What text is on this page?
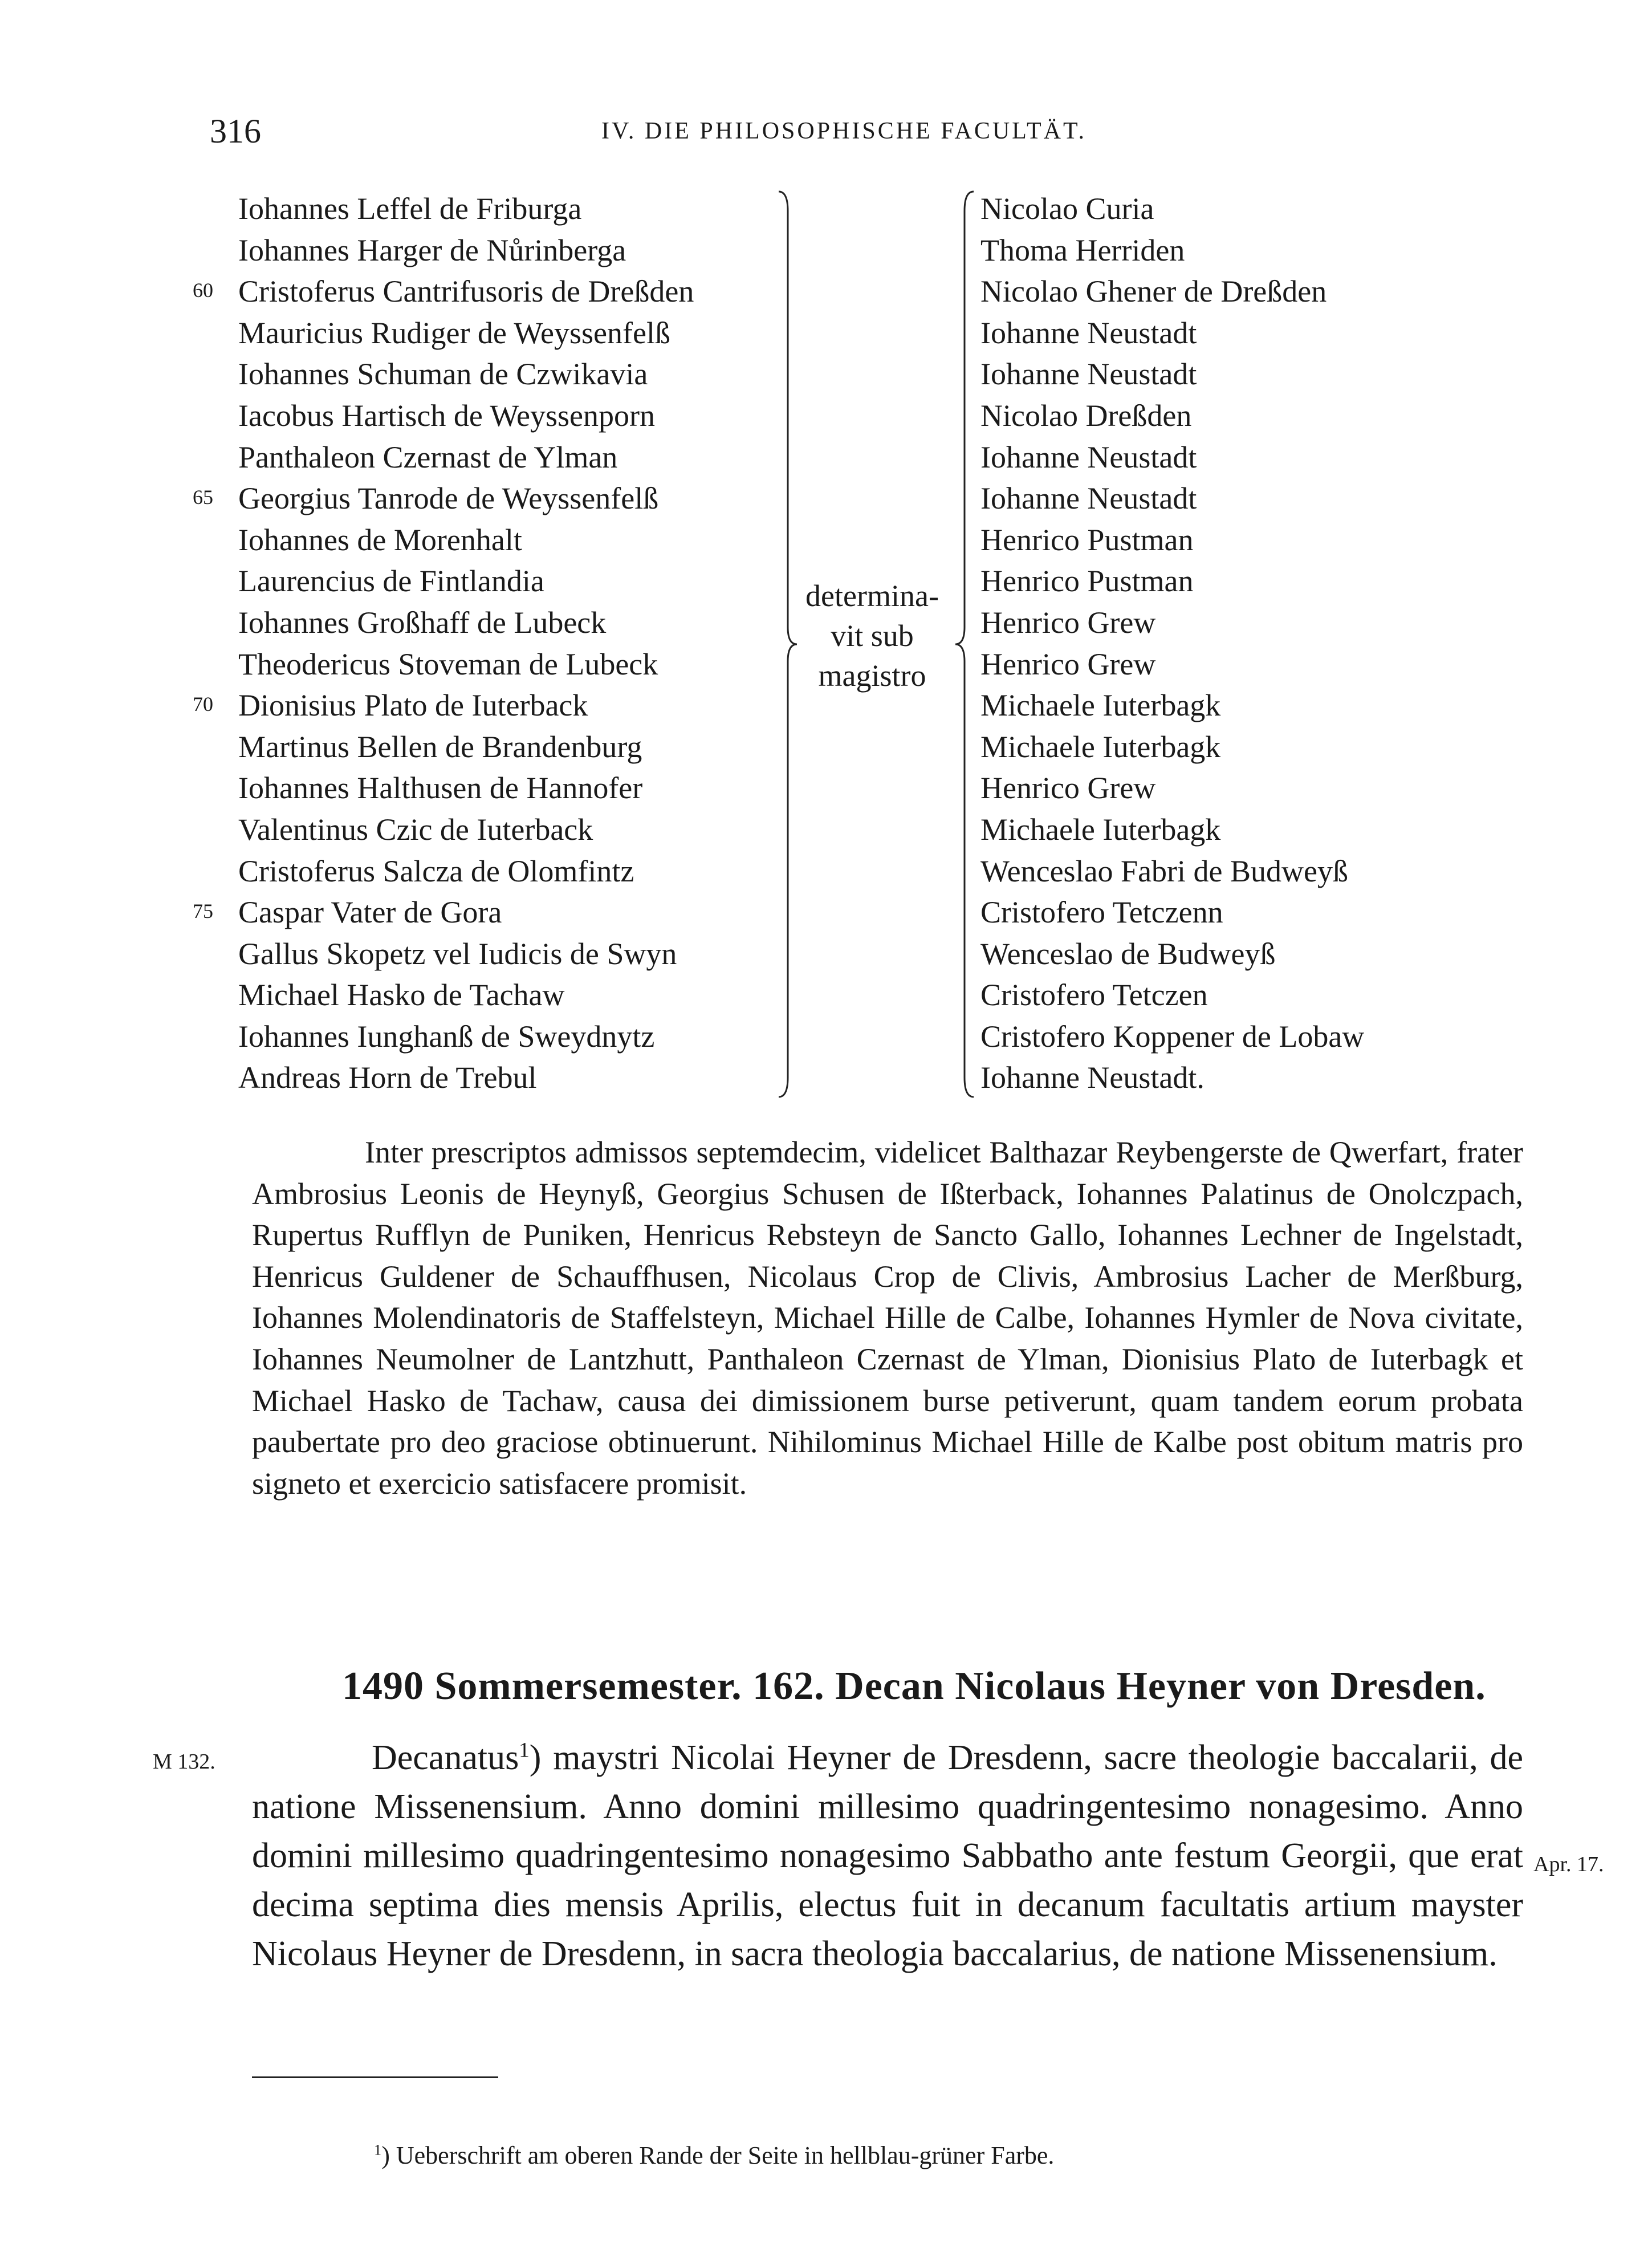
316	IV. DIE PHILOSOPHISCHE FACULTÄT.
60
65
70
75
Iohannes Leffel de Friburga
Iohannes Harger de Nůrinberga
Cristoferus Cantrifusoris de Dreßden
Mauricius Rudiger de Weyssenfelß
Iohannes Schuman de Czwikavia
Iacobus Hartisch de Weyssenporn
Panthaleon Czernast de Ylman
Georgius Tanrode de Weyssenfelß
Iohannes de Morenhalt
Laurencius de Fintlandia
Iohannes Großhaff de Lubeck
Theodericus Stoveman de Lubeck
Dionisius Plato de Iuterback
Martinus Bellen de Brandenburg
Iohannes Halthusen de Hannofer
Valentinus Czic de Iuterback
Cristoferus Salcza de Olomfintz
Caspar Vater de Gora
Gallus Skopetz vel Iudicis de Swyn
Michael Hasko de Tachaw
Iohannes Iunghanß de Sweydnytz
Andreas Horn de Trebul
determina-
vit sub
magistro
Nicolao Curia
Thoma Herriden
Nicolao Ghener de Dreßden
Iohanne Neustadt
Iohanne Neustadt
Nicolao Dreßden
Iohanne Neustadt
Iohanne Neustadt
Henrico Pustman
Henrico Pustman
Henrico Grew
Henrico Grew
Michaele Iuterbagk
Michaele Iuterbagk
Henrico Grew
Michaele Iuterbagk
Wenceslao Fabri de Budweyß
Cristofero Tetczenn
Wenceslao de Budweyß
Cristofero Tetczen
Cristofero Koppener de Lobaw
Iohanne Neustadt.

Inter prescriptos admissos septemdecim, videlicet Balthazar Reybengerste de Qwerfart, frater Ambrosius Leonis de Heynyß, Georgius Schusen de Ißterback, Iohannes Palatinus de Onolczpach, Rupertus Rufflyn de Puniken, Henricus Rebsteyn de Sancto Gallo, Iohannes Lechner de Ingelstadt, Henricus Guldener de Schauffhusen, Nicolaus Crop de Clivis, Ambrosius Lacher de Merßburg, Iohannes Molendinatoris de Staffelsteyn, Michael Hille de Calbe, Iohannes Hymler de Nova civitate, Iohannes Neumolner de Lantzhutt, Panthaleon Czernast de Ylman, Dionisius Plato de Iuterbagk et Michael Hasko de Tachaw, causa dei dimissionem burse petiverunt, quam tandem eorum probata paubertate pro deo graciose obtinuerunt. Nihilominus Michael Hille de Kalbe post obitum matris pro signeto et exercicio satisfacere promisit.

1490 Sommersemester. 162. Decan Nicolaus Heyner von Dresden.
M 132.
Apr. 17.

Decanatus$^1$) maystri Nicolai Heyner de Dresdenn, sacre theologie baccalarii, de natione Missenensium. Anno domini millesimo quadringentesimo nonagesimo. Anno domini millesimo quadringentesimo nonagesimo Sabbatho ante festum Georgii, que erat decima septima dies mensis Aprilis, electus fuit in decanum facultatis artium mayster Nicolaus Heyner de Dresdenn, in sacra theologia baccalarius, de natione Missenensium.

$^1$) Ueberschrift am oberen Rande der Seite in hellblau-grüner Farbe.
